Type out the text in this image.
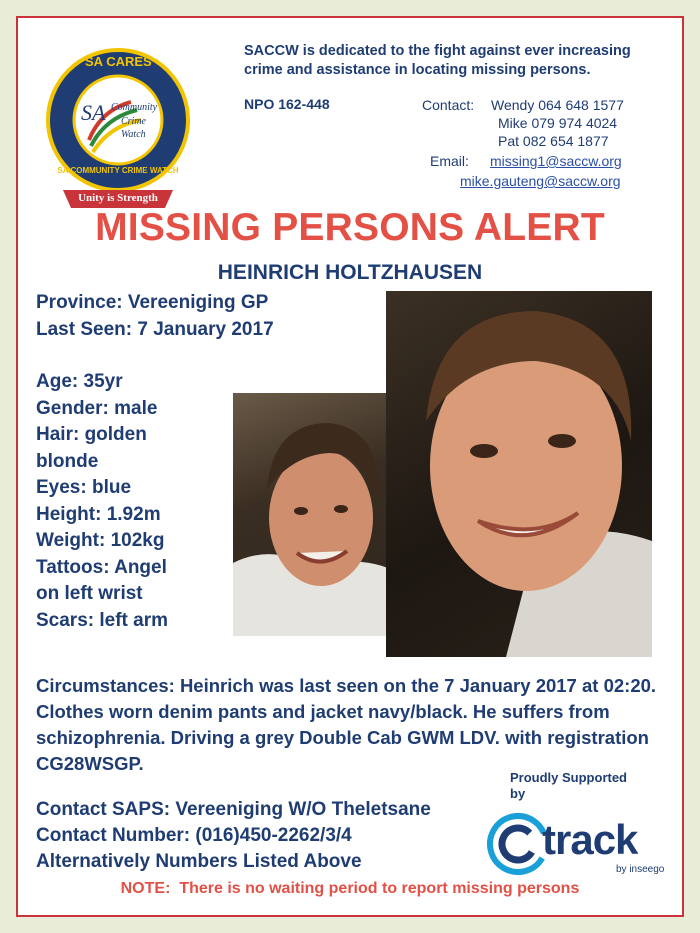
SA CARES
SA Community
Crime
Watch
SA COMMUNITY CRIME WATCH
Unity is Strength
SACCW is dedicated to the fight against ever increasing crime and assistance in locating missing persons.
NPO 162-448	Contact: Wendy 064 648 1577
Mike 079 974 4024
Pat 082 654 1877
Email: missing1@saccw.org
mike.gauteng@saccw.org
MISSING PERSONS ALERT
HEINRICH HOLTZHAUSEN

Province: Vereeniging GP

Last Seen: 7 January 2017

Age: 35yr

Gender: male

Hair: golden

blonde

Eyes: blue

Height: 1.92m

Weight: 102kg

Tattoos: Angel

on left wrist

Scars: left arm

Circumstances: Heinrich was last seen on the 7 January 2017 at 02:20. Clothes worn denim pants and jacket navy/black. He suffers from schizophrenia. Driving a grey Double Cab GWM LDV. with registration CG28WSGP.
Proudly Supported
by
track
by inseego
Contact SAPS: Vereeniging W/O Theletsane
Contact Number: (016)450-2262/3/4
Alternatively Numbers Listed Above
NOTE: There is no waiting period to report missing persons
